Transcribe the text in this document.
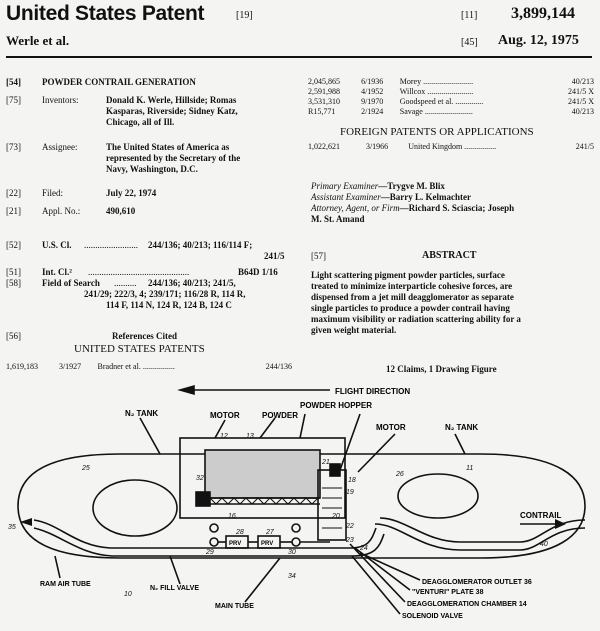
United States Patent	[19]	[11] 3,899,144
Werle et al.	[45] Aug. 12, 1975
[54] POWDER CONTRAIL GENERATION
[75] Inventors:	Donald K. Werle, Hillside; Romas
Kasparas, Riverside; Sidney Katz,
Chicago, all of Ill.
[73] Assignee:	The United States of America as
represented by the Secretary of the
Navy, Washington, D.C.
[22] Filed:	July 22, 1974
[21] Appl. No.:	490,610
[52] U.S. Cl. ........................ 244/136; 40/213; 116/114 F;
241/5
[51] Int. Cl.² .............................................	B64D 1/16
[58] Field of Search .......... 244/136; 40/213; 241/5,
241/29; 222/3, 4; 239/171; 116/28 R, 114 R,
114 F, 114 N, 124 R, 124 B, 124 C
[56]	References Cited
UNITED STATES PATENTS
1,619,183	3/1927	Bradner et al. ................	244/136
2,045,865	6/1936	Morey .........................	40/213
2,591,988	4/1952	Willcox .......................	241/5 X
3,531,310	9/1970	Goodspeed et al. ..............	241/5 X
R15,771	2/1924	Savage ........................	40/213
FOREIGN PATENTS OR APPLICATIONS
1,022,621	3/1966	United Kingdom ................	241/5
Primary Examiner—Trygve M. Blix
Assistant Examiner—Barry L. Kelmachter
Attorney, Agent, or Firm—Richard S. Sciascia; Joseph
M. St. Amand
[57]	ABSTRACT
Light scattering pigment powder particles, surface
treated to minimize interparticle cohesive forces, are
dispensed from a jet mill deagglomerator as separate
single particles to produce a powder contrail having
maximum visibility or radiation scattering ability for a
given weight material.
12 Claims, 1 Drawing Figure
FLIGHT DIRECTION
N₂ TANK	MOTOR	POWDER
POWDER HOPPER
MOTOR	N₂ TANK
CONTRAIL
PRV	PRV
RAM AIR TUBE
N₂ FILL VALVE
MAIN TUBE
DEAGGLOMERATOR OUTLET 36
"VENTURI" PLATE 38
DEAGGLOMERATION CHAMBER 14
SOLENOID VALVE
35
25
12	13
32
16
29
28	27
30
10
34
21
18
19
20
22
23
24
26
40
11
